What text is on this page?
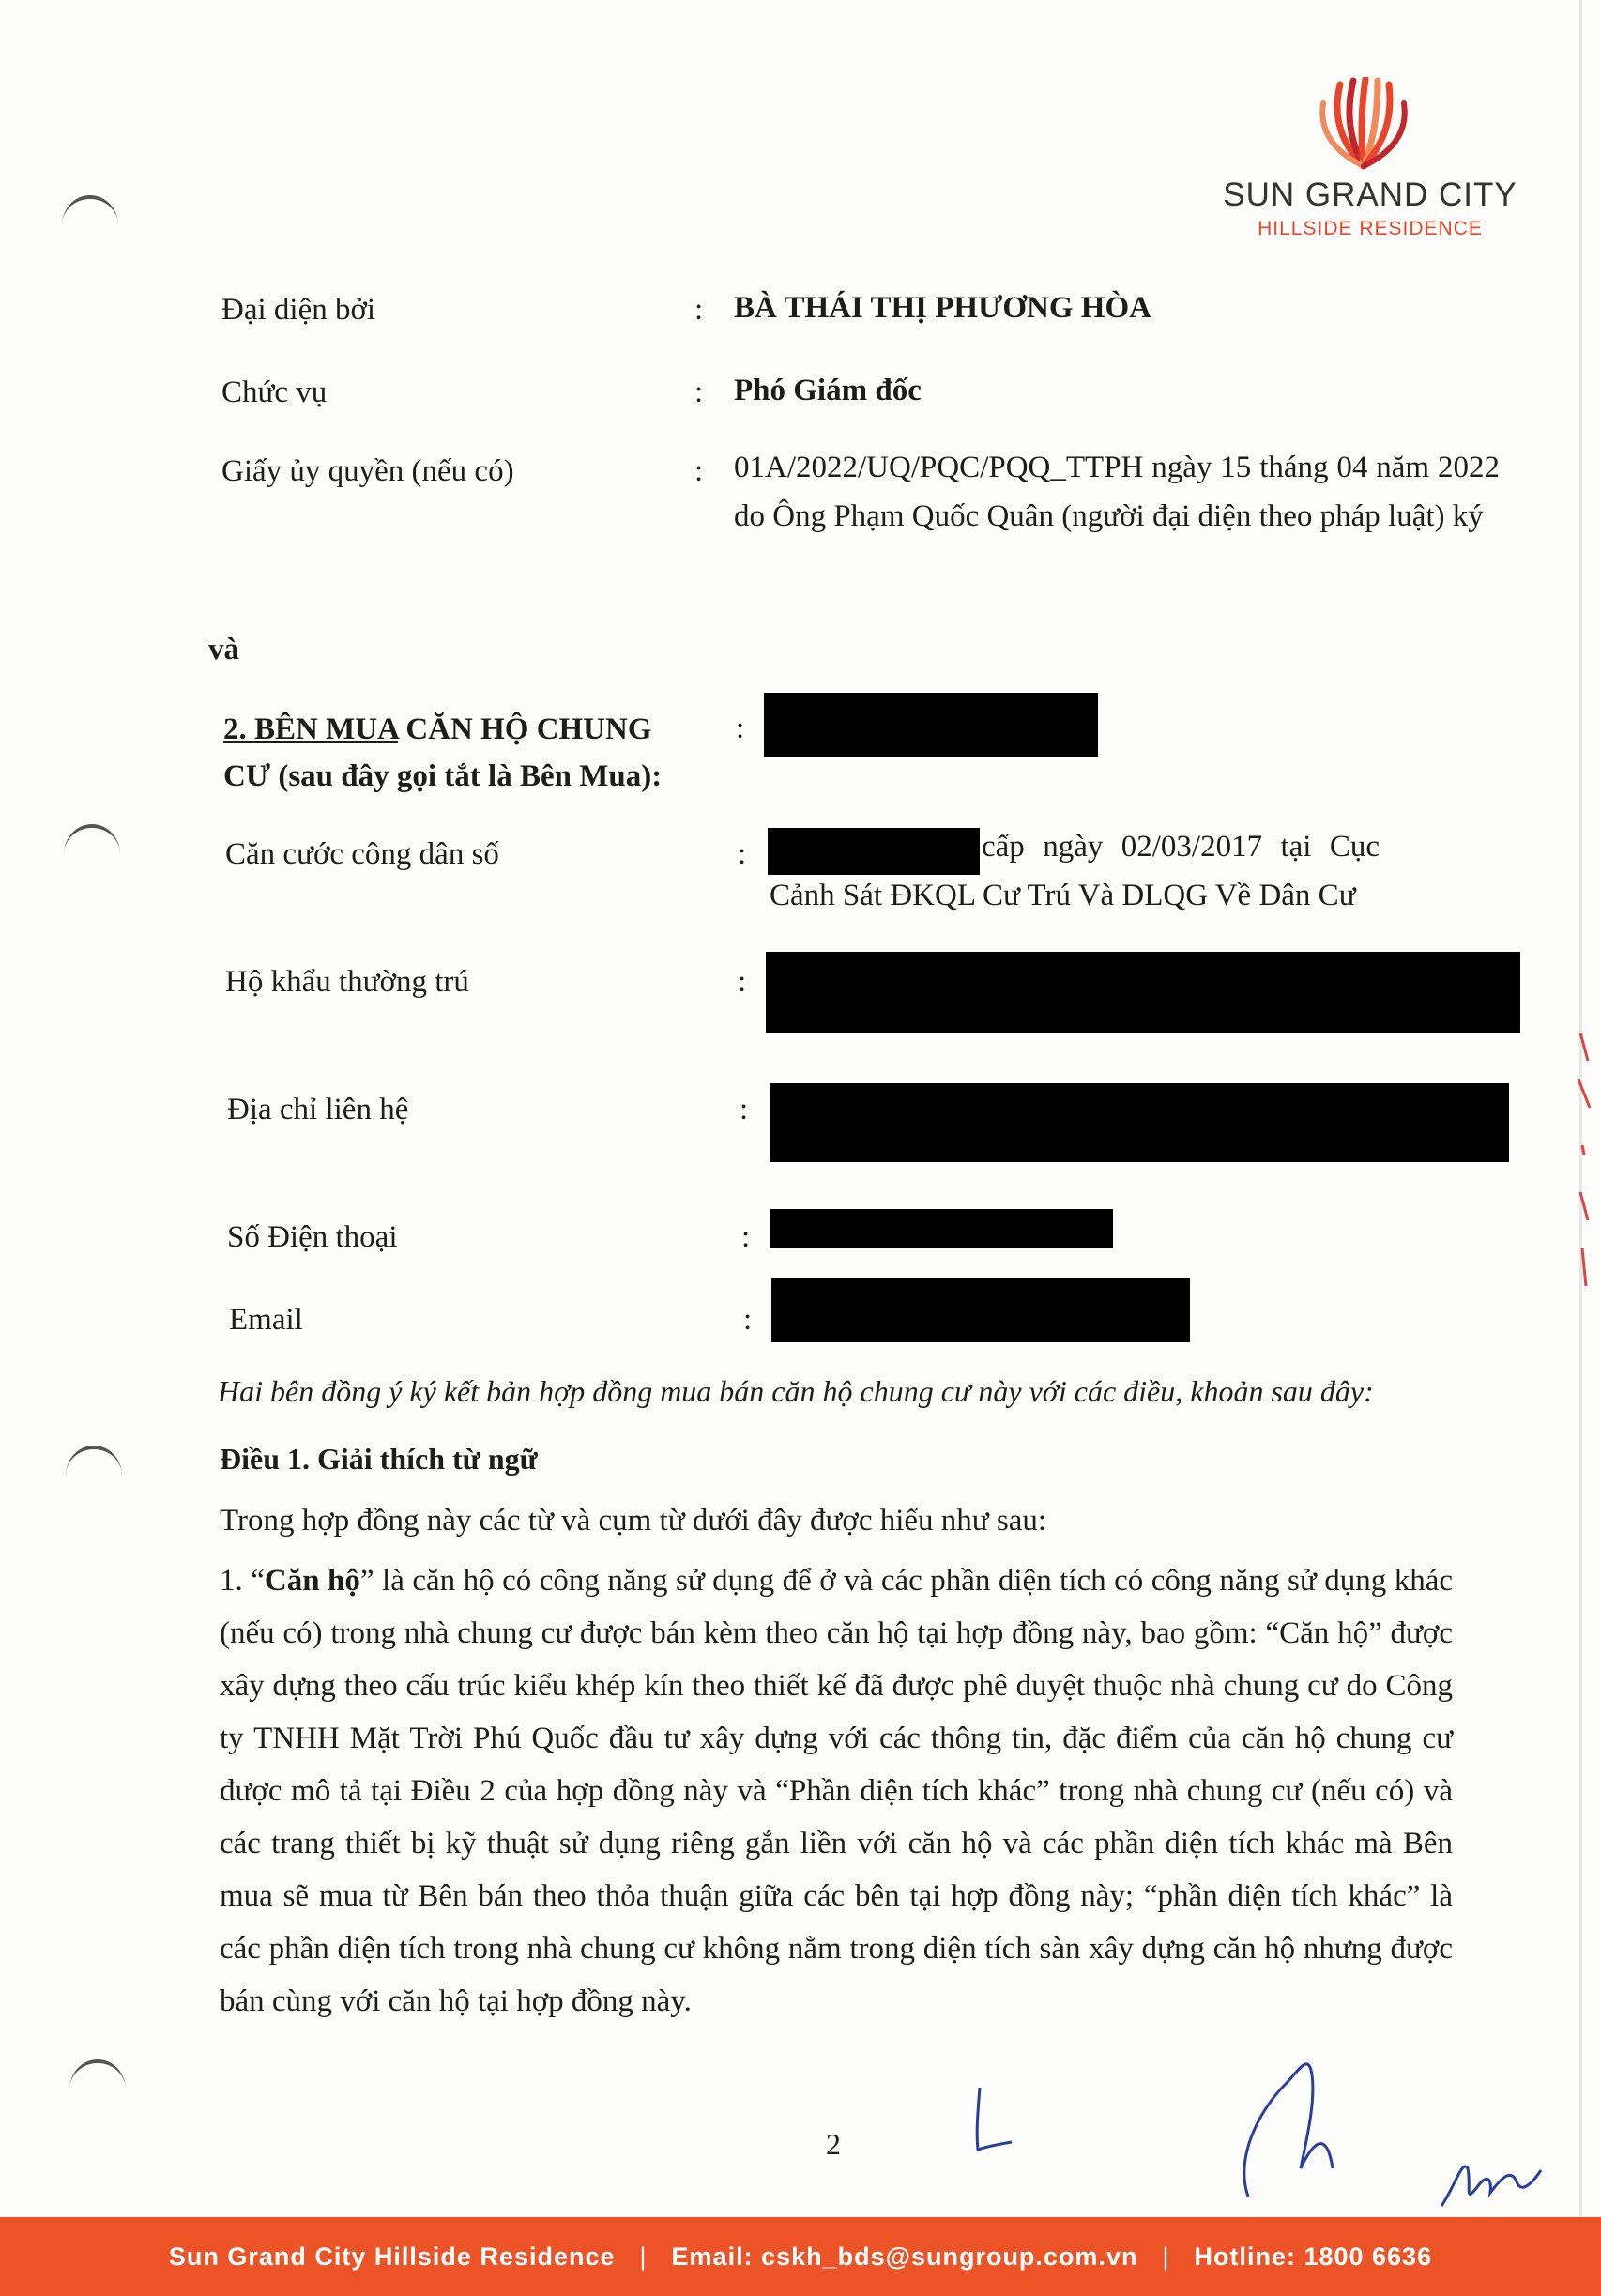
SUN GRAND CITY
HILLSIDE RESIDENCE
Đại diện bởi	: BÀ THÁI THỊ PHƯƠNG HÒA
Chức vụ	: Phó Giám đốc
Giấy ủy quyền (nếu có)	: 01A/2022/UQ/PQC/PQQ_TTPH ngày 15 tháng 04 năm 2022 do Ông Phạm Quốc Quân (người đại diện theo pháp luật) ký
và
2. BÊN MUA CĂN HỘ CHUNG
CƯ (sau đây gọi tắt là Bên Mua):
:
Căn cước công dân số	:	cấp ngày 02/03/2017 tại Cục Cảnh Sát ĐKQL Cư Trú Và DLQG Về Dân Cư
Hộ khẩu thường trú	:
Địa chỉ liên hệ	:
Số Điện thoại	:
Email	:
Hai bên đồng ý ký kết bản hợp đồng mua bán căn hộ chung cư này với các điều, khoản sau đây:
Điều 1. Giải thích từ ngữ
Trong hợp đồng này các từ và cụm từ dưới đây được hiểu như sau:
1. “Căn hộ” là căn hộ có công năng sử dụng để ở và các phần diện tích có công năng sử dụng khác (nếu có) trong nhà chung cư được bán kèm theo căn hộ tại hợp đồng này, bao gồm: “Căn hộ” được xây dựng theo cấu trúc kiểu khép kín theo thiết kế đã được phê duyệt thuộc nhà chung cư do Công ty TNHH Mặt Trời Phú Quốc đầu tư xây dựng với các thông tin, đặc điểm của căn hộ chung cư được mô tả tại Điều 2 của hợp đồng này và “Phần diện tích khác” trong nhà chung cư (nếu có) và các trang thiết bị kỹ thuật sử dụng riêng gắn liền với căn hộ và các phần diện tích khác mà Bên mua sẽ mua từ Bên bán theo thỏa thuận giữa các bên tại hợp đồng này; “phần diện tích khác” là các phần diện tích trong nhà chung cư không nằm trong diện tích sàn xây dựng căn hộ nhưng được bán cùng với căn hộ tại hợp đồng này.
2
Sun Grand City Hillside Residence | Email: cskh_bds@sungroup.com.vn | Hotline: 1800 6636
